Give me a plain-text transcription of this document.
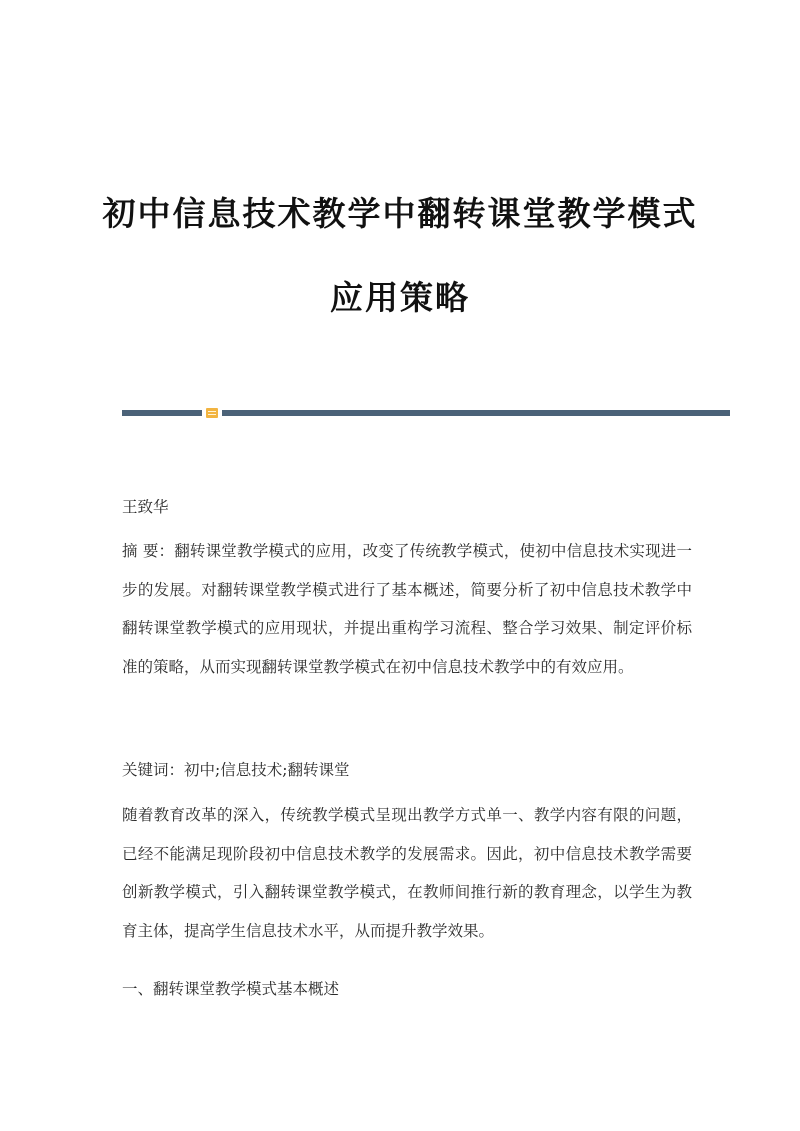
初中信息技术教学中翻转课堂教学模式
应用策略
王致华
摘 要：翻转课堂教学模式的应用，改变了传统教学模式，使初中信息技术实现进一步的发展。对翻转课堂教学模式进行了基本概述，简要分析了初中信息技术教学中翻转课堂教学模式的应用现状，并提出重构学习流程、整合学习效果、制定评价标准的策略，从而实现翻转课堂教学模式在初中信息技术教学中的有效应用。
关键词：初中;信息技术;翻转课堂
随着教育改革的深入，传统教学模式呈现出教学方式单一、教学内容有限的问题，已经不能满足现阶段初中信息技术教学的发展需求。因此，初中信息技术教学需要创新教学模式，引入翻转课堂教学模式，在教师间推行新的教育理念，以学生为教育主体，提高学生信息技术水平，从而提升教学效果。
一、翻转课堂教学模式基本概述
